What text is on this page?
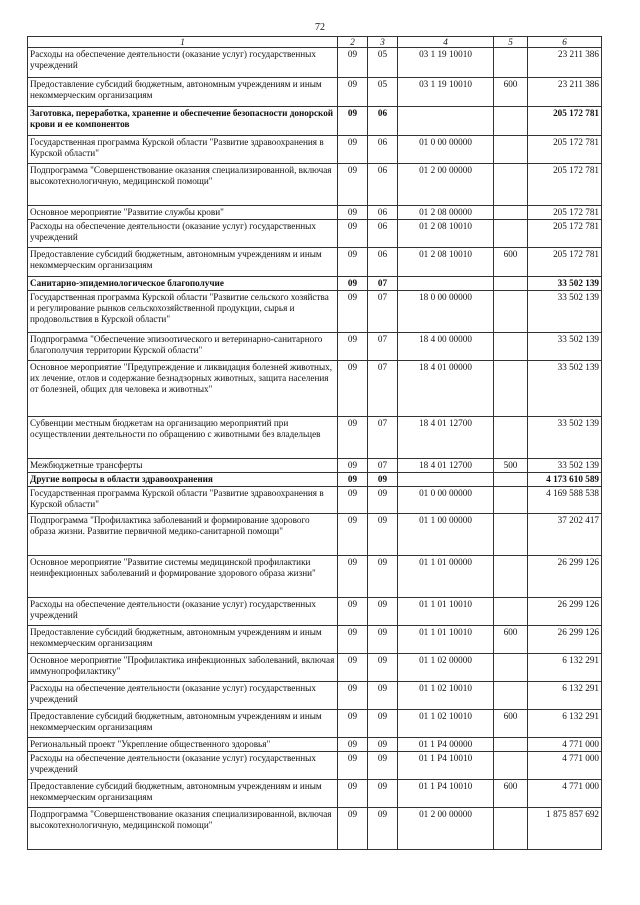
72
1	2	3	4	5	6
Расходы на обеспечение деятельности (оказание услуг) государственных учреждений	09	05	03 1 19 10010		23 211 386
Предоставление субсидий бюджетным, автономным учреждениям и иным некоммерческим организациям	09	05	03 1 19 10010	600	23 211 386
Заготовка, переработка, хранение и обеспечение безопасности донорской крови и ее компонентов	09	06			205 172 781
Государственная программа Курской области "Развитие здравоохранения в Курской области"	09	06	01 0 00 00000		205 172 781
Подпрограмма "Совершенствование оказания специализированной, включая высокотехнологичную, медицинской помощи"	09	06	01 2 00 00000		205 172 781
Основное мероприятие "Развитие службы крови"	09	06	01 2 08 00000		205 172 781
Расходы на обеспечение деятельности (оказание услуг) государственных учреждений	09	06	01 2 08 10010		205 172 781
Предоставление субсидий бюджетным, автономным учреждениям и иным некоммерческим организациям	09	06	01 2 08 10010	600	205 172 781
Санитарно-эпидемиологическое благополучие	09	07			33 502 139
Государственная программа Курской области "Развитие сельского хозяйства и регулирование рынков сельскохозяйственной продукции, сырья и продовольствия в Курской области"	09	07	18 0 00 00000		33 502 139
Подпрограмма "Обеспечение эпизоотического и ветеринарно-санитарного благополучия территории Курской области"	09	07	18 4 00 00000		33 502 139
Основное мероприятие "Предупреждение и ликвидация болезней животных, их лечение, отлов и содержание безнадзорных животных, защита населения от болезней, общих для человека и животных"	09	07	18 4 01 00000		33 502 139
Субвенции местным бюджетам на организацию мероприятий при осуществлении деятельности по обращению с животными без владельцев	09	07	18 4 01 12700		33 502 139
Межбюджетные трансферты	09	07	18 4 01 12700	500	33 502 139
Другие вопросы в области здравоохранения	09	09			4 173 610 589
Государственная программа Курской области "Развитие здравоохранения в Курской области"	09	09	01 0 00 00000		4 169 588 538
Подпрограмма "Профилактика заболеваний и формирование здорового образа жизни. Развитие первичной медико-санитарной помощи"	09	09	01 1 00 00000		37 202 417
Основное мероприятие "Развитие системы медицинской профилактики неинфекционных заболеваний и формирование здорового образа жизни"	09	09	01 1 01 00000		26 299 126
Расходы на обеспечение деятельности (оказание услуг) государственных учреждений	09	09	01 1 01 10010		26 299 126
Предоставление субсидий бюджетным, автономным учреждениям и иным некоммерческим организациям	09	09	01 1 01 10010	600	26 299 126
Основное мероприятие "Профилактика инфекционных заболеваний, включая иммунопрофилактику"	09	09	01 1 02 00000		6 132 291
Расходы на обеспечение деятельности (оказание услуг) государственных учреждений	09	09	01 1 02 10010		6 132 291
Предоставление субсидий бюджетным, автономным учреждениям и иным некоммерческим организациям	09	09	01 1 02 10010	600	6 132 291
Региональный проект "Укрепление общественного здоровья"	09	09	01 1 P4 00000		4 771 000
Расходы на обеспечение деятельности (оказание услуг) государственных учреждений	09	09	01 1 P4 10010		4 771 000
Предоставление субсидий бюджетным, автономным учреждениям и иным некоммерческим организациям	09	09	01 1 P4 10010	600	4 771 000
Подпрограмма "Совершенствование оказания специализированной, включая высокотехнологичную, медицинской помощи"	09	09	01 2 00 00000		1 875 857 692
